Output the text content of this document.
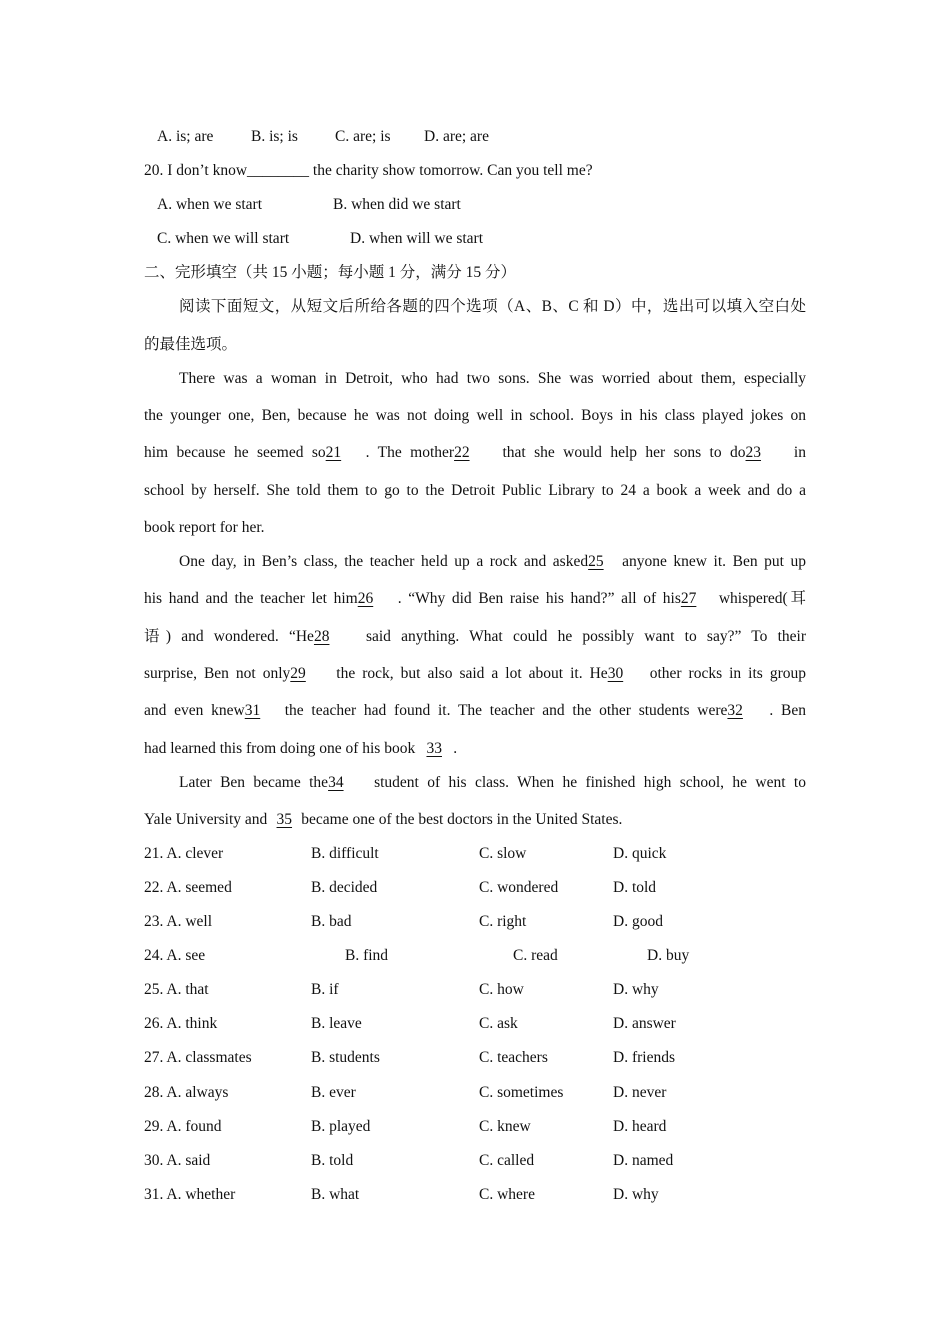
A. is; are B. is; is C. are; is D. are; are
20. I don’t know________ the charity show tomorrow. Can you tell me?
A. when we start	B. when did we start
C. when we will start	D. when will we start
二、完形填空（共 15 小题；每小题 1 分，满分 15 分）
阅读下面短文，从短文后所给各题的四个选项（A、B、C 和 D）中，选出可以填入空白处
的最佳选项。
There was a woman in Detroit, who had two sons. She was worried about them, especially
the younger one, Ben, because he was not doing well in school. Boys in his class played jokes on
him because he seemed so21 . The mother22 that she would help her sons to do23 in
school by herself. She told them to go to the Detroit Public Library to 24 a book a week and do a
book report for her.
One day, in Ben’s class, the teacher held up a rock and asked25 anyone knew it. Ben put up
his hand and the teacher let him26 . “Why did Ben raise his hand?” all of his27 whispered(耳
语) and wondered. “He28 said anything. What could he possibly want to say?” To their
surprise, Ben not only29 the rock, but also said a lot about it. He30 other rocks in its group
and even knew31 the teacher had found it. The teacher and the other students were32 . Ben
had learned this from doing one of his book 33 .
Later Ben became the34 student of his class. When he finished high school, he went to
Yale University and 35 became one of the best doctors in the United States.
21. A. clever	B. difficult	C. slow	D. quick
22. A. seemed	B. decided	C. wondered	D. told
23. A. well	B. bad	C. right	D. good
24. A. see	B. find	C. read	D. buy
25. A. that	B. if	C. how	D. why
26. A. think	B. leave	C. ask	D. answer
27. A. classmates	B. students	C. teachers	D. friends
28. A. always	B. ever	C. sometimes	D. never
29. A. found	B. played	C. knew	D. heard
30. A. said	B. told	C. called	D. named
31. A. whether	B. what	C. where	D. why
